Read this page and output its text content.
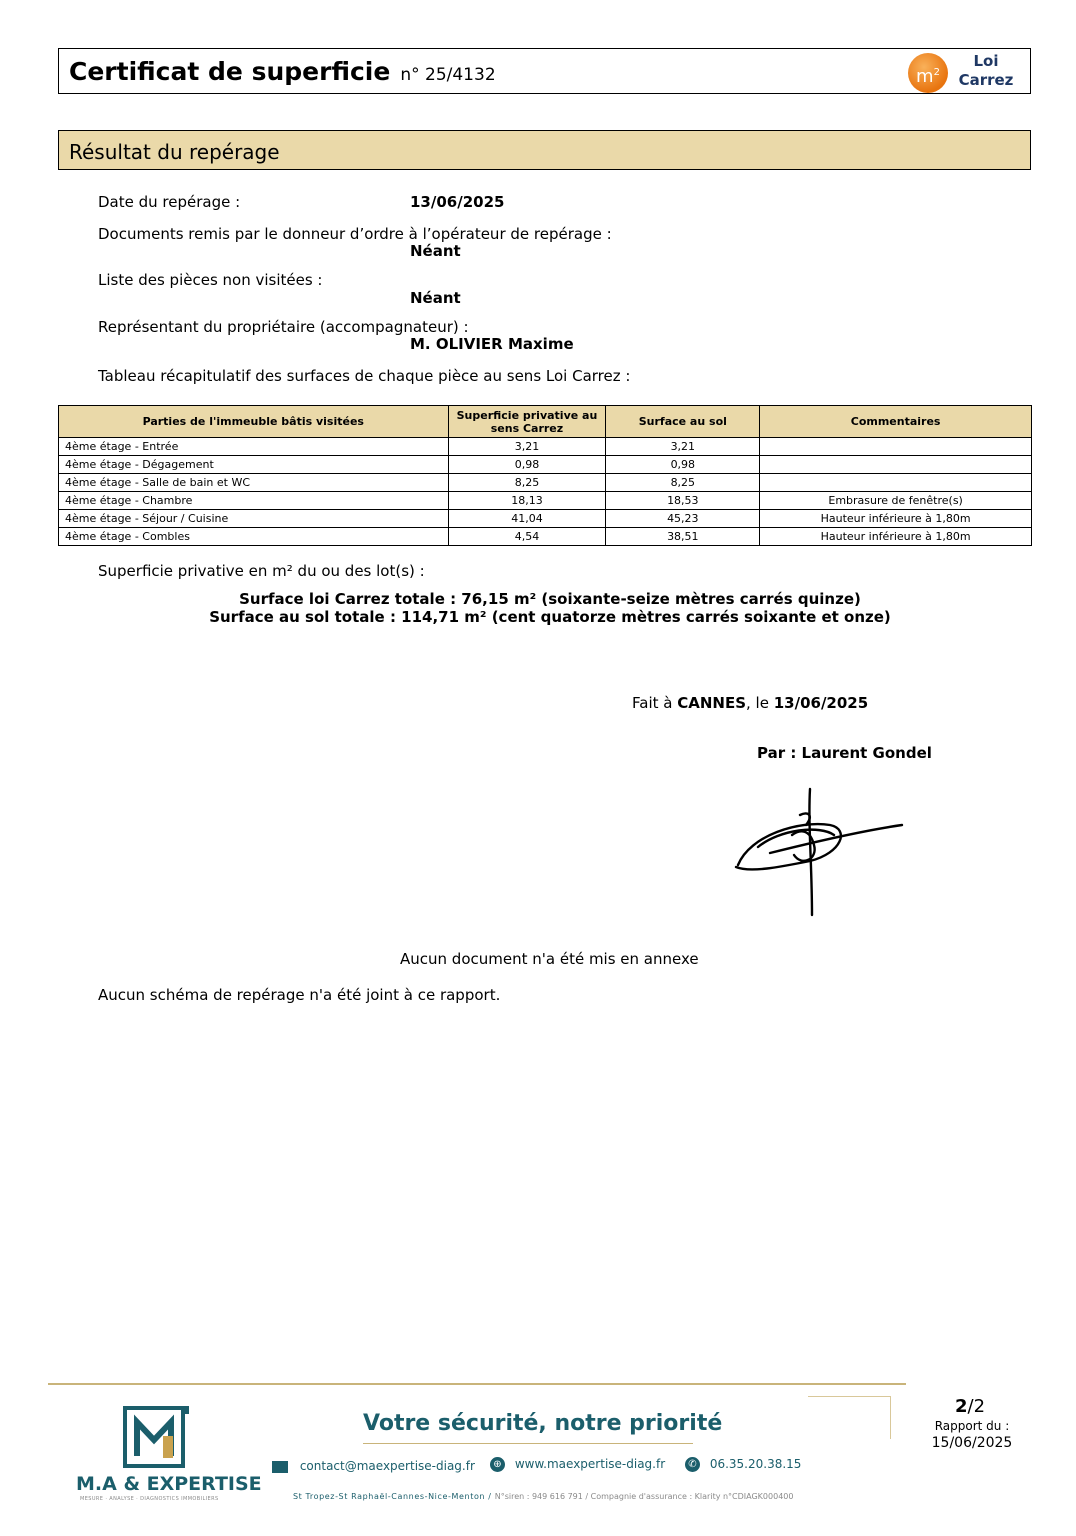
Certificat de superficie n° 25/4132	$m^2$
Loi
Carrez
Résultat du repérage
Date du repérage :	13/06/2025
Documents remis par le donneur d’ordre à l’opérateur de repérage :
Néant
Liste des pièces non visitées :
Néant
Représentant du propriétaire (accompagnateur) :
M. OLIVIER Maxime
Tableau récapitulatif des surfaces de chaque pièce au sens Loi Carrez :
Parties de l'immeuble bâtis visitées	Superficie privative au sens Carrez	Surface au sol	Commentaires
4ème étage - Entrée	3,21	3,21	
4ème étage - Dégagement	0,98	0,98	
4ème étage - Salle de bain et WC	8,25	8,25	
4ème étage - Chambre	18,13	18,53	Embrasure de fenêtre(s)
4ème étage - Séjour / Cuisine	41,04	45,23	Hauteur inférieure à 1,80m
4ème étage - Combles	4,54	38,51	Hauteur inférieure à 1,80m
Superficie privative en m² du ou des lot(s) :
Surface loi Carrez totale : 76,15 m² (soixante-seize mètres carrés quinze)
Surface au sol totale : 114,71 m² (cent quatorze mètres carrés soixante et onze)
Fait à CANNES, le 13/06/2025
Par : Laurent Gondel
Aucun document n'a été mis en annexe
Aucun schéma de repérage n'a été joint à ce rapport.
M.A & EXPERTISE
MESURE · ANALYSE · DIAGNOSTICS IMMOBILIERS
Votre sécurité, notre priorité
contact@maexpertise-diag.fr	⊕ www.maexpertise-diag.fr	✆ 06.35.20.38.15
St Tropez-St Raphaël-Cannes-Nice-Menton / N°siren : 949 616 791 / Compagnie d'assurance : Klarity n°CDIAGK000400
2/2
Rapport du :
15/06/2025
